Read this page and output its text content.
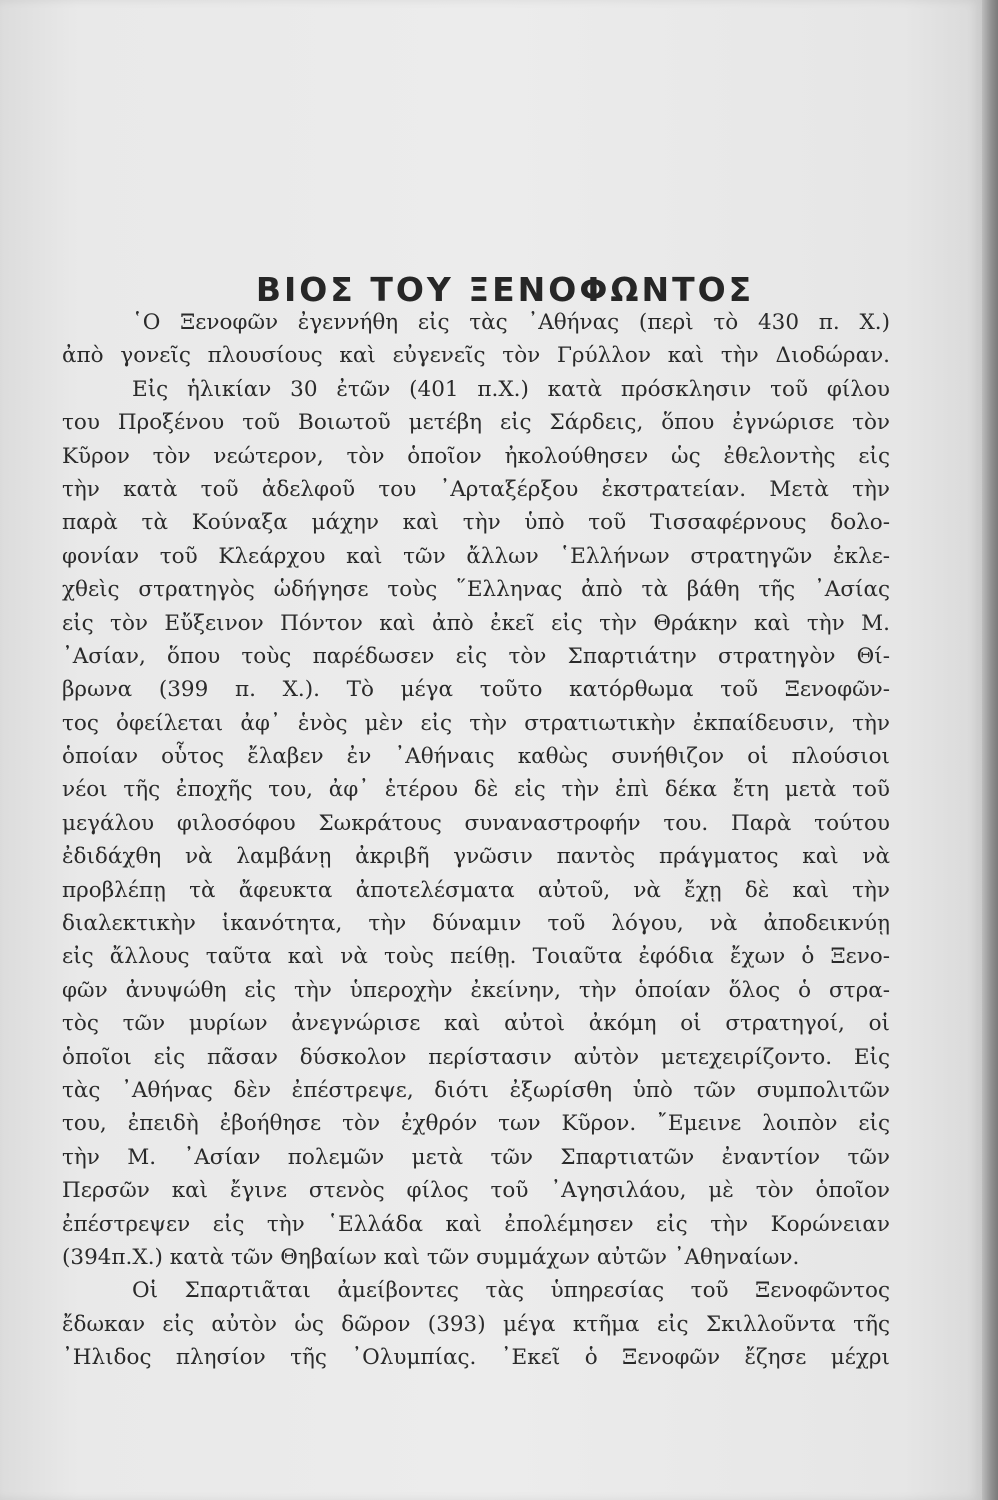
ΒΙΟΣ ΤΟΥ ΞΕΝΟΦΩΝΤΟΣ
῾Ο Ξενοφῶν ἐγεννήθη εἰς τὰς ᾽Αθήνας (περὶ τὸ 430 π. Χ.)
ἀπὸ γονεῖς πλουσίους καὶ εὐγενεῖς τὸν Γρύλλον καὶ τὴν Διοδώραν.
Εἰς ἡλικίαν 30 ἐτῶν (401 π.Χ.) κατὰ πρόσκλησιν τοῦ φίλου
του Προξένου τοῦ Βοιωτοῦ μετέβη εἰς Σάρδεις, ὅπου ἐγνώρισε τὸν
Κῦρον τὸν νεώτερον, τὸν ὁποῖον ἠκολούθησεν ὡς ἐθελοντὴς εἰς
τὴν κατὰ τοῦ ἀδελφοῦ του ᾽Αρταξέρξου ἐκστρατείαν. Μετὰ τὴν
παρὰ τὰ Κούναξα μάχην καὶ τὴν ὑπὸ τοῦ Τισσαφέρνους δολο-
φονίαν τοῦ Κλεάρχου καὶ τῶν ἄλλων ῾Ελλήνων στρατηγῶν ἐκλε-
χθεὶς στρατηγὸς ὡδήγησε τοὺς ῞Ελληνας ἀπὸ τὰ βάθη τῆς ᾽Ασίας
εἰς τὸν Εὔξεινον Πόντον καὶ ἀπὸ ἐκεῖ εἰς τὴν Θράκην καὶ τὴν Μ.
᾽Ασίαν, ὅπου τοὺς παρέδωσεν εἰς τὸν Σπαρτιάτην στρατηγὸν Θί-
βρωνα (399 π. Χ.). Τὸ μέγα τοῦτο κατόρθωμα τοῦ Ξενοφῶν-
τος ὀφείλεται ἀφ᾽ ἑνὸς μὲν εἰς τὴν στρατιωτικὴν ἐκπαίδευσιν, τὴν
ὁποίαν οὗτος ἔλαβεν ἐν ᾽Αθήναις καθὼς συνήθιζον οἱ πλούσιοι
νέοι τῆς ἐποχῆς του, ἀφ᾽ ἑτέρου δὲ εἰς τὴν ἐπὶ δέκα ἔτη μετὰ τοῦ
μεγάλου φιλοσόφου Σωκράτους συναναστροφήν του. Παρὰ τούτου
ἐδιδάχθη νὰ λαμβάνῃ ἀκριβῆ γνῶσιν παντὸς πράγματος καὶ νὰ
προβλέπῃ τὰ ἄφευκτα ἀποτελέσματα αὐτοῦ, νὰ ἔχῃ δὲ καὶ τὴν
διαλεκτικὴν ἱκανότητα, τὴν δύναμιν τοῦ λόγου, νὰ ἀποδεικνύῃ
εἰς ἄλλους ταῦτα καὶ νὰ τοὺς πείθῃ. Τοιαῦτα ἐφόδια ἔχων ὁ Ξενο-
φῶν ἀνυψώθη εἰς τὴν ὑπεροχὴν ἐκείνην, τὴν ὁποίαν ὅλος ὁ στρα-
τὸς τῶν μυρίων ἀνεγνώρισε καὶ αὐτοὶ ἀκόμη οἱ στρατηγοί, οἱ
ὁποῖοι εἰς πᾶσαν δύσκολον περίστασιν αὐτὸν μετεχειρίζοντο. Εἰς
τὰς ᾽Αθήνας δὲν ἐπέστρεψε, διότι ἐξωρίσθη ὑπὸ τῶν συμπολιτῶν
του, ἐπειδὴ ἐβοήθησε τὸν ἐχθρόν των Κῦρον. ῎Εμεινε λοιπὸν εἰς
τὴν Μ. ᾽Ασίαν πολεμῶν μετὰ τῶν Σπαρτιατῶν ἐναντίον τῶν
Περσῶν καὶ ἔγινε στενὸς φίλος τοῦ ᾽Αγησιλάου, μὲ τὸν ὁποῖον
ἐπέστρεψεν εἰς τὴν ῾Ελλάδα καὶ ἐπολέμησεν εἰς τὴν Κορώνειαν
(394π.Χ.) κατὰ τῶν Θηβαίων καὶ τῶν συμμάχων αὐτῶν ᾽Αθηναίων.
Οἱ Σπαρτιᾶται ἀμείβοντες τὰς ὑπηρεσίας τοῦ Ξενοφῶντος
ἔδωκαν εἰς αὐτὸν ὡς δῶρον (393) μέγα κτῆμα εἰς Σκιλλοῦντα τῆς
᾽Ηλιδος πλησίον τῆς ᾽Ολυμπίας. ᾽Εκεῖ ὁ Ξενοφῶν ἔζησε μέχρι
